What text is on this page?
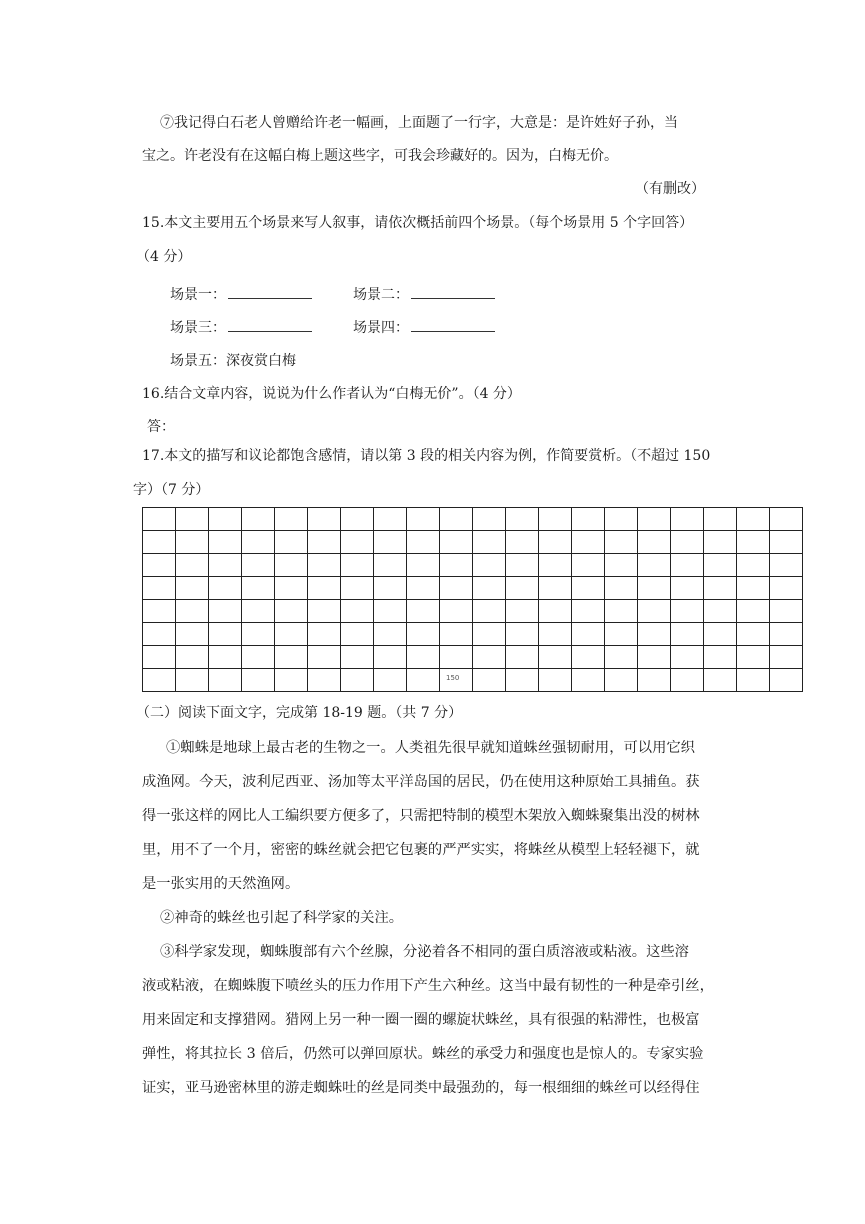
⑦我记得白石老人曾赠给许老一幅画，上面题了一行字，大意是：是许姓好子孙，当
宝之。许老没有在这幅白梅上题这些字，可我会珍藏好的。因为，白梅无价。
（有删改）
15.本文主要用五个场景来写人叙事，请依次概括前四个场景。（每个场景用 5 个字回答）
（4 分）
场景一：	场景二：
场景三：	场景四：
场景五：深夜赏白梅
16.结合文章内容，说说为什么作者认为“白梅无价”。（4 分）
答：
17.本文的描写和议论都饱含感情，请以第 3 段的相关内容为例，作简要赏析。（不超过 150
字）（7 分）

									150										

（二）阅读下面文字，完成第 18-19 题。（共 7 分）
①蜘蛛是地球上最古老的生物之一。人类祖先很早就知道蛛丝强韧耐用，可以用它织
成渔网。今天，波利尼西亚、汤加等太平洋岛国的居民，仍在使用这种原始工具捕鱼。获
得一张这样的网比人工编织要方便多了，只需把特制的模型木架放入蜘蛛聚集出没的树林
里，用不了一个月，密密的蛛丝就会把它包裹的严严实实，将蛛丝从模型上轻轻褪下，就
是一张实用的天然渔网。
②神奇的蛛丝也引起了科学家的关注。
③科学家发现，蜘蛛腹部有六个丝腺，分泌着各不相同的蛋白质溶液或粘液。这些溶
液或粘液，在蜘蛛腹下喷丝头的压力作用下产生六种丝。这当中最有韧性的一种是牵引丝，
用来固定和支撑猎网。猎网上另一种一圈一圈的螺旋状蛛丝，具有很强的粘滞性，也极富
弹性，将其拉长 3 倍后，仍然可以弹回原状。蛛丝的承受力和强度也是惊人的。专家实验
证实，亚马逊密林里的游走蜘蛛吐的丝是同类中最强劲的，每一根细细的蛛丝可以经得住
